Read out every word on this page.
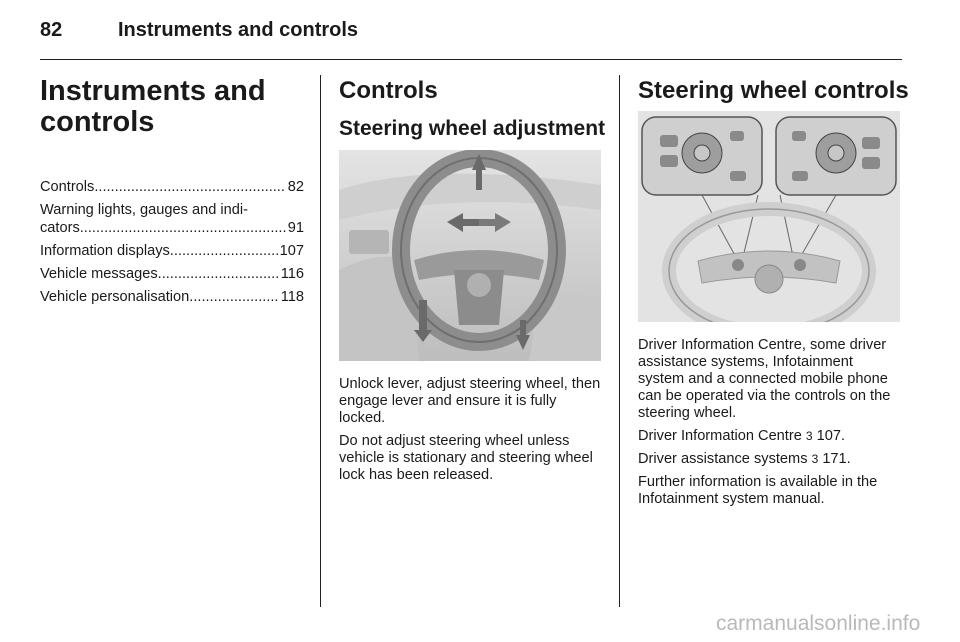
82	Instruments and controls
Instruments and controls
Controls .....	82
Warning lights, gauges and indi-
cators .....	91
Information displays .....	107
Vehicle messages .....	116
Vehicle personalisation .....	118
Controls
Steering wheel adjustment

Unlock lever, adjust steering wheel, then engage lever and ensure it is fully locked.

Do not adjust steering wheel unless vehicle is stationary and steering wheel lock has been released.

Steering wheel controls

Driver Information Centre, some driver assistance systems, Infotainment system and a connected mobile phone can be operated via the controls on the steering wheel.

Driver Information Centre 3 107.

Driver assistance systems 3 171.

Further information is available in the Infotainment system manual.

carmanualsonline.info
